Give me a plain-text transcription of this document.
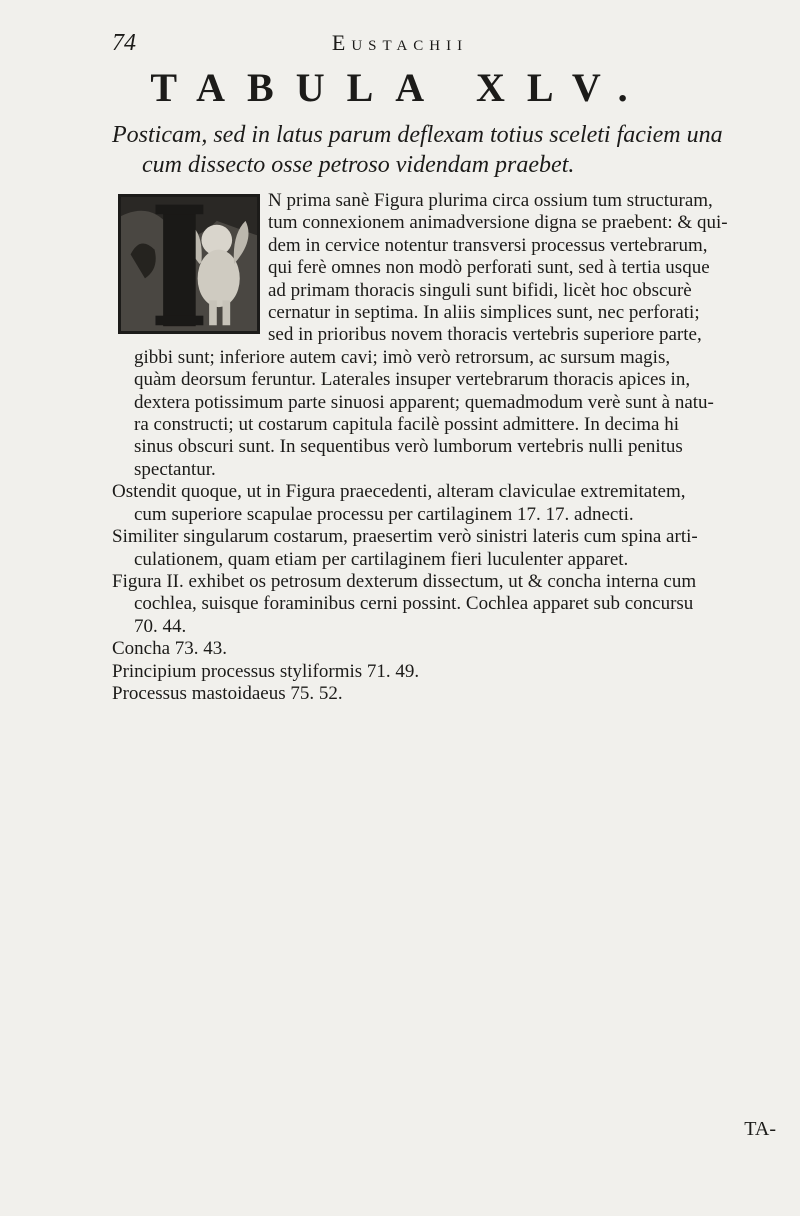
74	Eustachii
TABULA XLV.
Posticam, sed in latus parum deflexam totius sceleti faciem una
cum dissecto osse petroso videndam praebet.
N prima sanè Figura plurima circa ossium tum structuram,
tum connexionem animadversione digna se praebent: & qui-
dem in cervice notentur transversi processus vertebrarum,
qui ferè omnes non modò perforati sunt, sed à tertia usque
ad primam thoracis singuli sunt bifidi, licèt hoc obscurè
cernatur in septima. In aliis simplices sunt, nec perforati;
sed in prioribus novem thoracis vertebris superiore parte,
gibbi sunt; inferiore autem cavi; imò verò retrorsum, ac sursum magis,
quàm deorsum feruntur. Laterales insuper vertebrarum thoracis apices in,
dextera potissimum parte sinuosi apparent; quemadmodum verè sunt à natu-
ra constructi; ut costarum capitula facilè possint admittere. In decima hi
sinus obscuri sunt. In sequentibus verò lumborum vertebris nulli penitus
spectantur.
Ostendit quoque, ut in Figura praecedenti, alteram claviculae extremitatem,
cum superiore scapulae processu per cartilaginem 17. 17. adnecti.
Similiter singularum costarum, praesertim verò sinistri lateris cum spina arti-
culationem, quam etiam per cartilaginem fieri luculenter apparet.
Figura II. exhibet os petrosum dexterum dissectum, ut & concha interna cum
cochlea, suisque foraminibus cerni possint. Cochlea apparet sub concursu
70. 44.
Concha 73. 43.
Principium processus styliformis 71. 49.
Processus mastoidaeus 75. 52.
TA-
